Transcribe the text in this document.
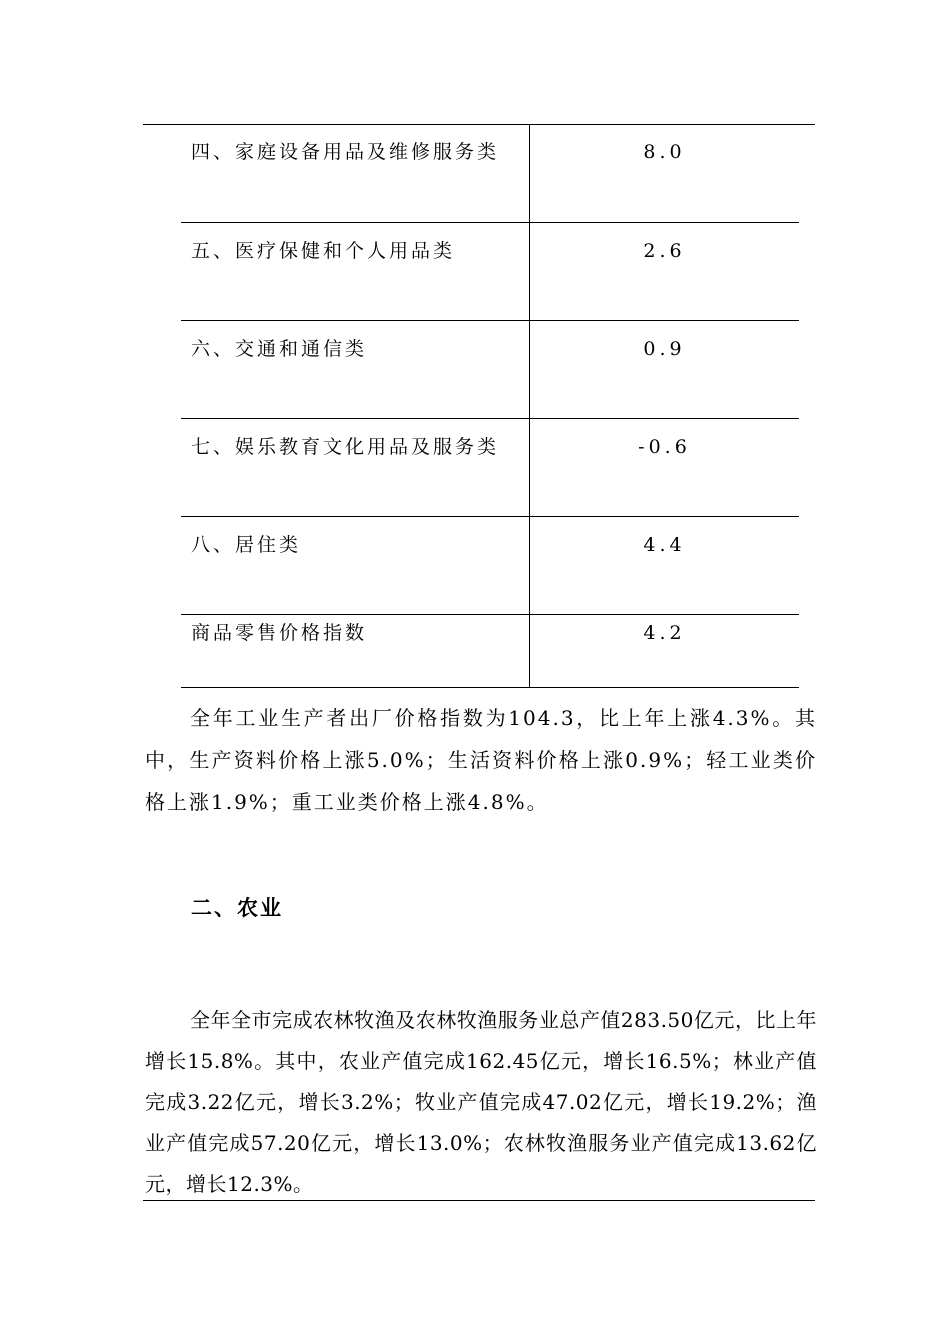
四、家庭设备用品及维修服务类	8.0
五、医疗保健和个人用品类	2.6
六、交通和通信类	0.9
七、娱乐教育文化用品及服务类	-0.6
八、居住类	4.4
商品零售价格指数	4.2

全年工业生产者出厂价格指数为104.3，比上年上涨4.3%。其中，生产资料价格上涨5.0%；生活资料价格上涨0.9%；轻工业类价格上涨1.9%；重工业类价格上涨4.8%。

二、农业

全年全市完成农林牧渔及农林牧渔服务业总产值283.50亿元，比上年增长15.8%。其中，农业产值完成162.45亿元，增长16.5%；林业产值完成3.22亿元，增长3.2%；牧业产值完成47.02亿元，增长19.2%；渔业产值完成57.20亿元，增长13.0%；农林牧渔服务业产值完成13.62亿元，增长12.3%。
